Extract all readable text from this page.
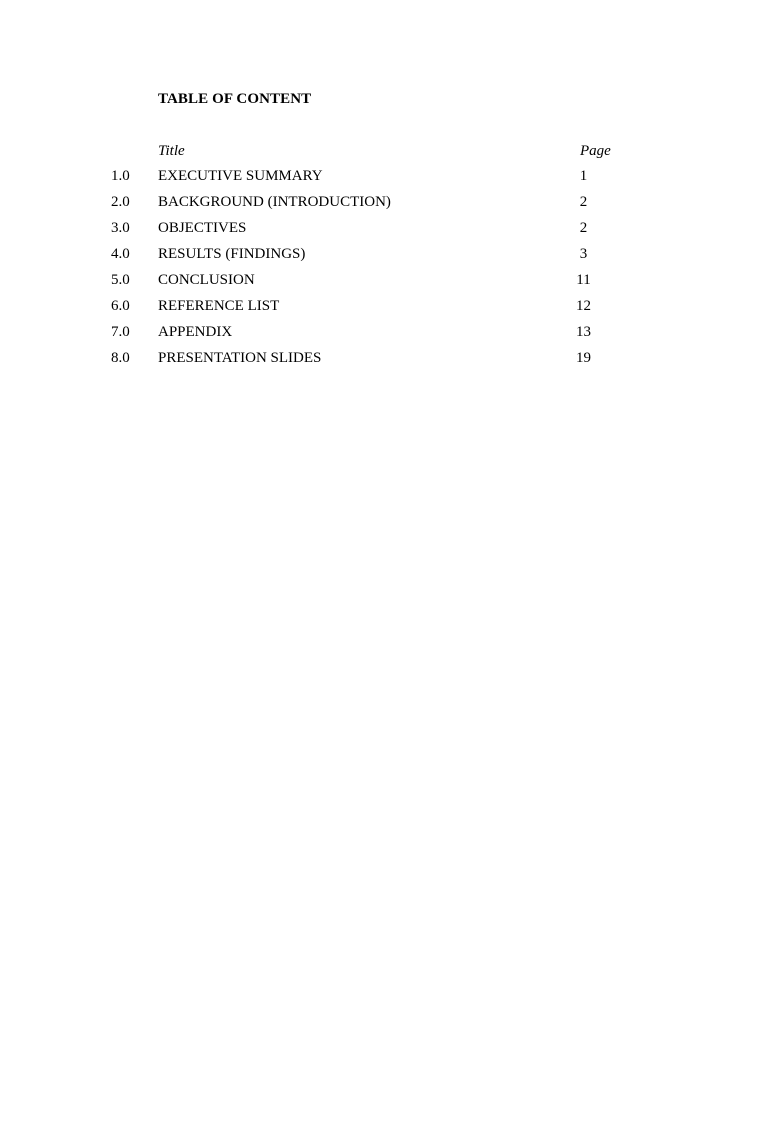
TABLE OF CONTENT
Title	Page
1.0 EXECUTIVE SUMMARY	1
2.0 BACKGROUND (INTRODUCTION)	2
3.0 OBJECTIVES	2
4.0 RESULTS (FINDINGS)	3
5.0 CONCLUSION	11
6.0 REFERENCE LIST	12
7.0 APPENDIX	13
8.0 PRESENTATION SLIDES	19
